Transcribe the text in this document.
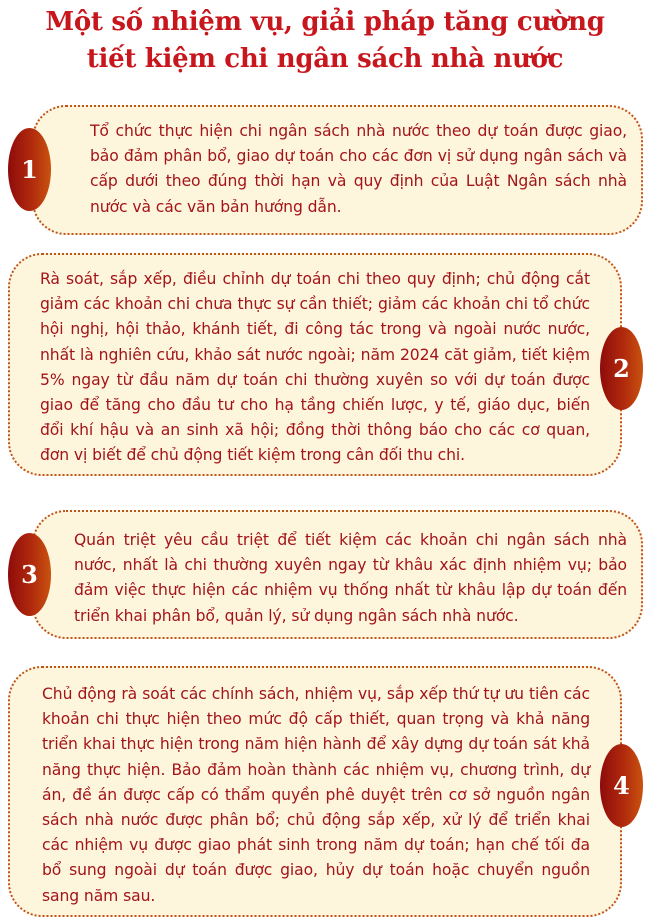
Một số nhiệm vụ, giải pháp tăng cường
tiết kiệm chi ngân sách nhà nước

Tổ chức thực hiện chi ngân sách nhà nước theo dự toán được giao, bảo đảm phân bổ, giao dự toán cho các đơn vị sử dụng ngân sách và cấp dưới theo đúng thời hạn và quy định của Luật Ngân sách nhà nước và các văn bản hướng dẫn.

1

Rà soát, sắp xếp, điều chỉnh dự toán chi theo quy định; chủ động cắt giảm các khoản chi chưa thực sự cần thiết; giảm các khoản chi tổ chức hội nghị, hội thảo, khánh tiết, đi công tác trong và ngoài nước nước, nhất là nghiên cứu, khảo sát nước ngoài; năm 2024 căt giảm, tiết kiệm 5% ngay từ đầu năm dự toán chi thường xuyên so với dự toán được giao để tăng cho đầu tư cho hạ tầng chiến lược, y tế, giáo dục, biến đổi khí hậu và an sinh xã hội; đồng thời thông báo cho các cơ quan, đơn vị biết để chủ động tiết kiệm trong cân đối thu chi.

2

Quán triệt yêu cầu triệt để tiết kiệm các khoản chi ngân sách nhà nước, nhất là chi thường xuyên ngay từ khâu xác định nhiệm vụ; bảo đảm việc thực hiện các nhiệm vụ thống nhất từ khâu lập dự toán đến triển khai phân bổ, quản lý, sử dụng ngân sách nhà nước.

3

Chủ động rà soát các chính sách, nhiệm vụ, sắp xếp thứ tự ưu tiên các khoản chi thực hiện theo mức độ cấp thiết, quan trọng và khả năng triển khai thực hiện trong năm hiện hành để xây dựng dự toán sát khả năng thực hiện. Bảo đảm hoàn thành các nhiệm vụ, chương trình, dự án, đề án được cấp có thẩm quyền phê duyệt trên cơ sở nguồn ngân sách nhà nước được phân bổ; chủ động sắp xếp, xử lý để triển khai các nhiệm vụ được giao phát sinh trong năm dự toán; hạn chế tối đa bổ sung ngoài dự toán được giao, hủy dự toán hoặc chuyển nguồn sang năm sau.

4
